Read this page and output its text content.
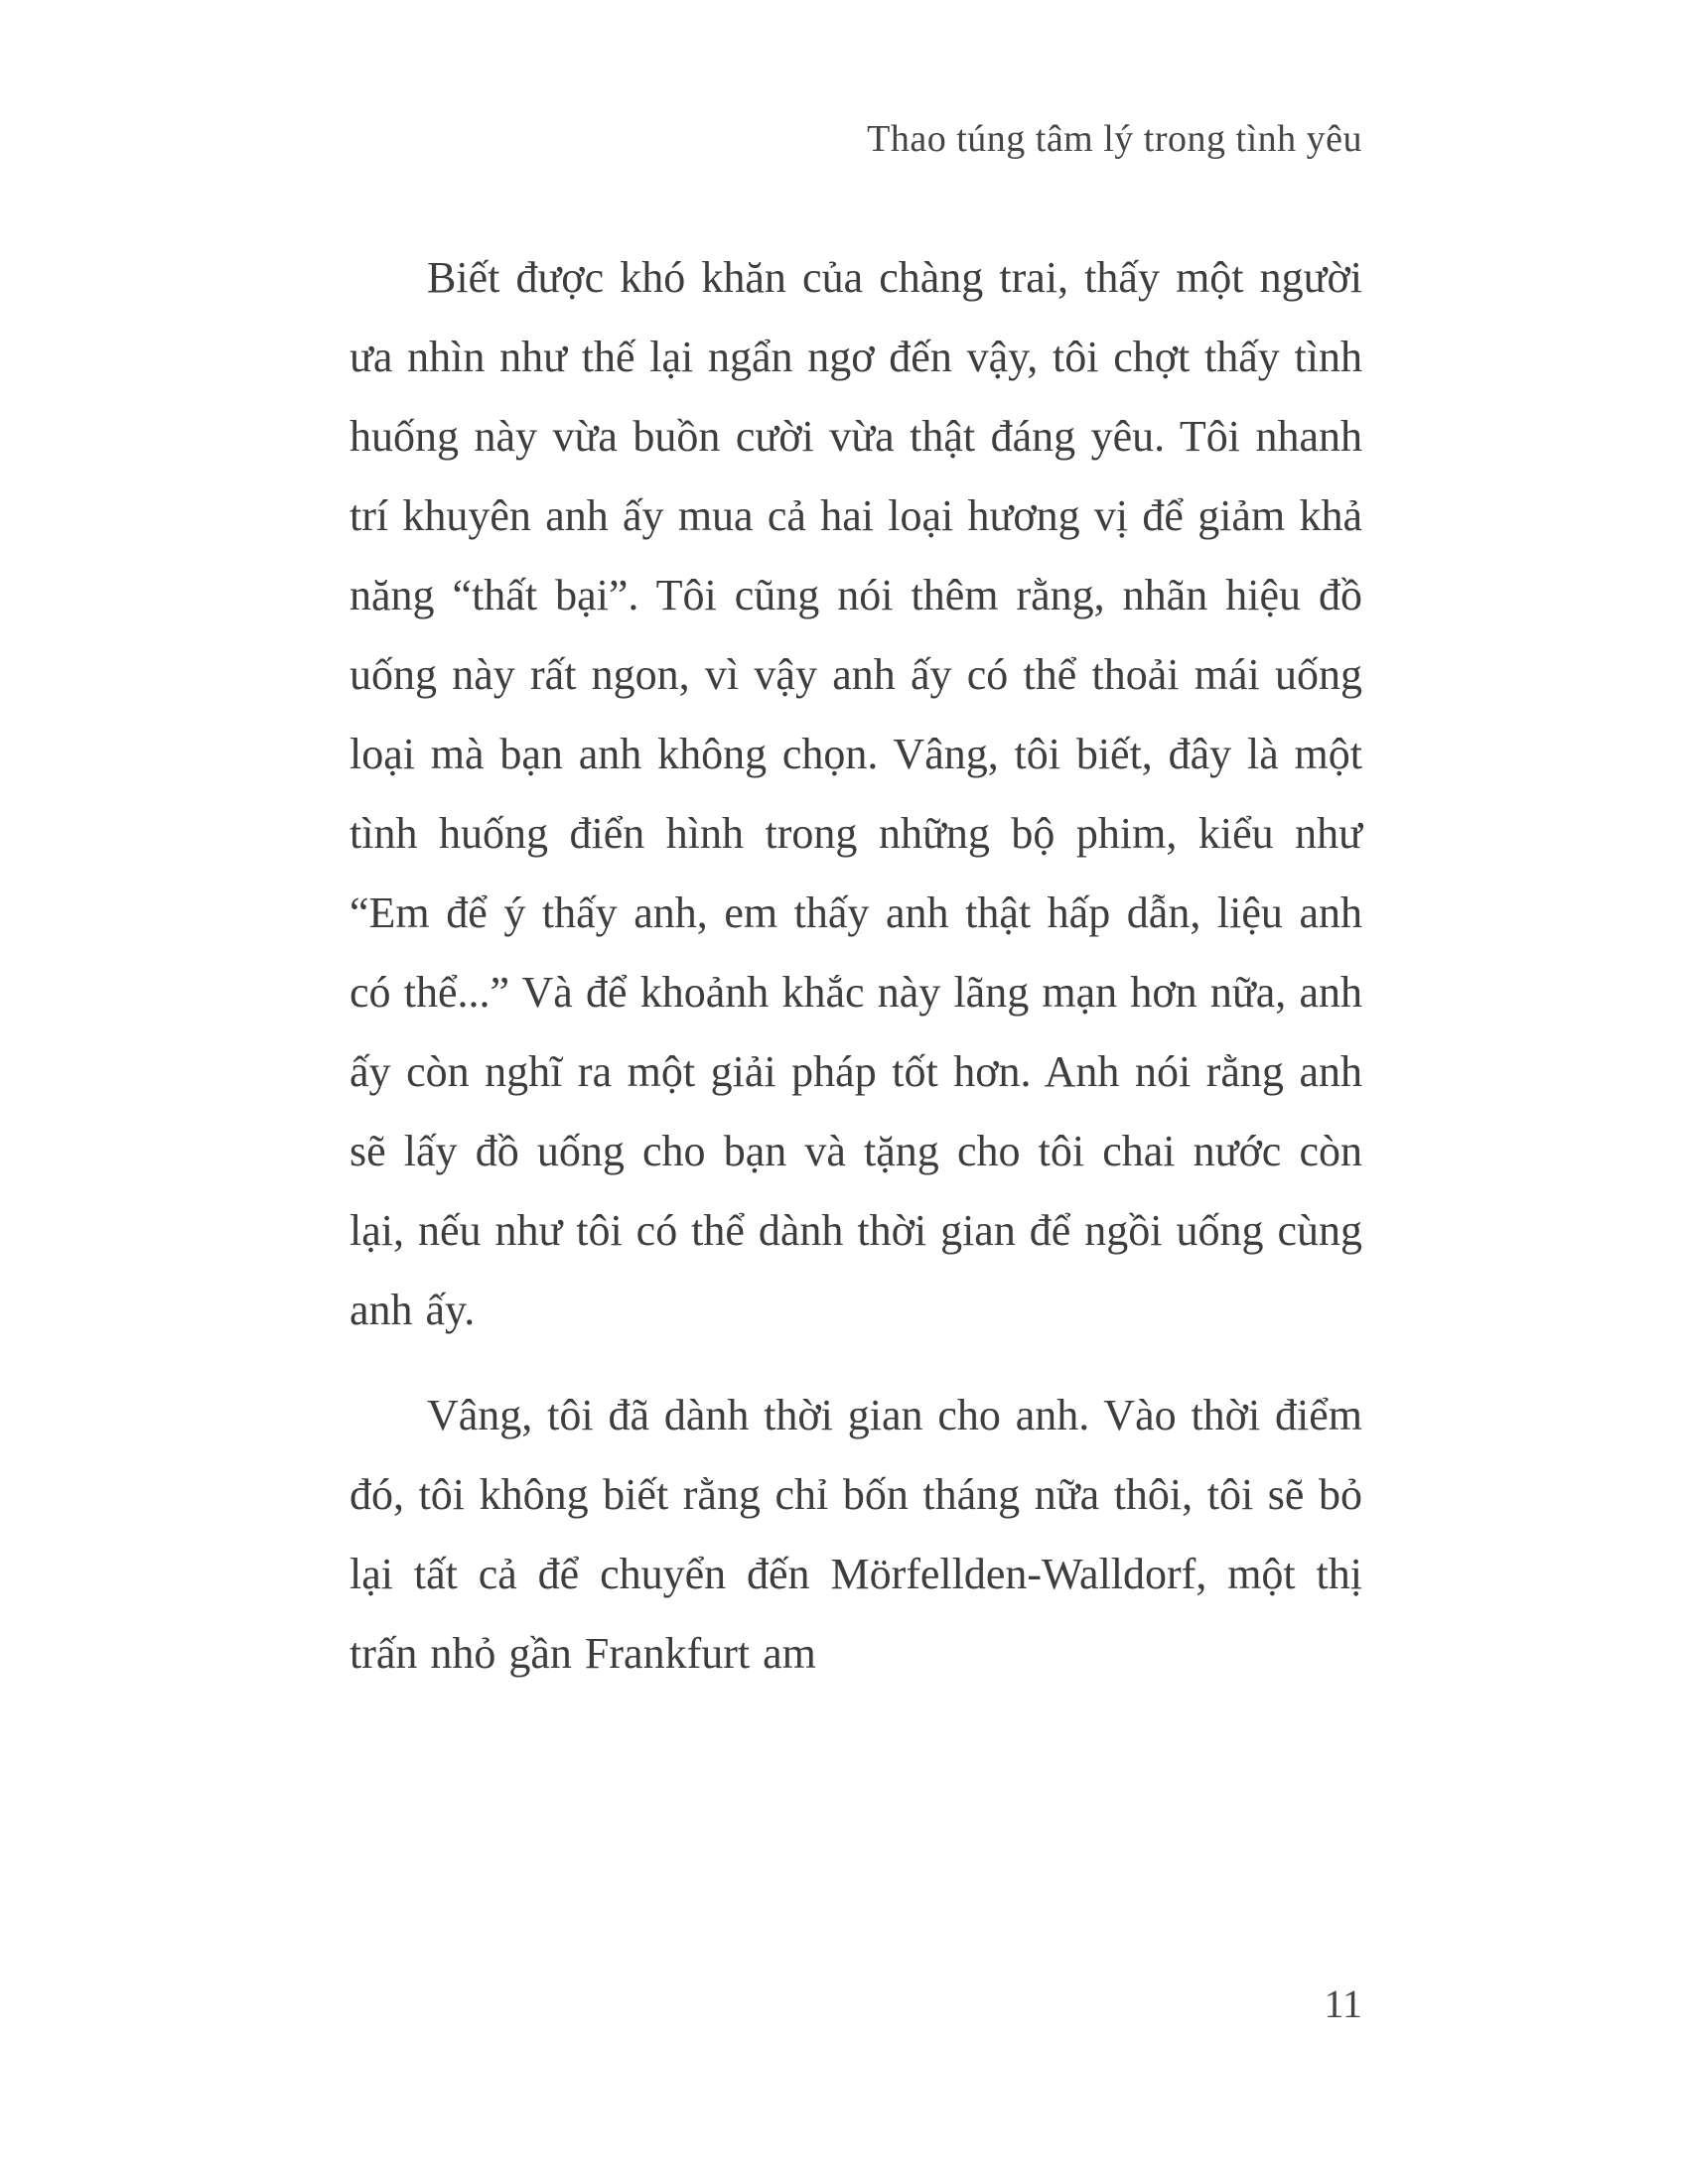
Thao túng tâm lý trong tình yêu

Biết được khó khăn của chàng trai, thấy một người ưa nhìn như thế lại ngẩn ngơ đến vậy, tôi chợt thấy tình huống này vừa buồn cười vừa thật đáng yêu. Tôi nhanh trí khuyên anh ấy mua cả hai loại hương vị để giảm khả năng “thất bại”. Tôi cũng nói thêm rằng, nhãn hiệu đồ uống này rất ngon, vì vậy anh ấy có thể thoải mái uống loại mà bạn anh không chọn. Vâng, tôi biết, đây là một tình huống điển hình trong những bộ phim, kiểu như “Em để ý thấy anh, em thấy anh thật hấp dẫn, liệu anh có thể...” Và để khoảnh khắc này lãng mạn hơn nữa, anh ấy còn nghĩ ra một giải pháp tốt hơn. Anh nói rằng anh sẽ lấy đồ uống cho bạn và tặng cho tôi chai nước còn lại, nếu như tôi có thể dành thời gian để ngồi uống cùng anh ấy.

Vâng, tôi đã dành thời gian cho anh. Vào thời điểm đó, tôi không biết rằng chỉ bốn tháng nữa thôi, tôi sẽ bỏ lại tất cả để chuyển đến Mörfellden-Walldorf, một thị trấn nhỏ gần Frankfurt am

11
